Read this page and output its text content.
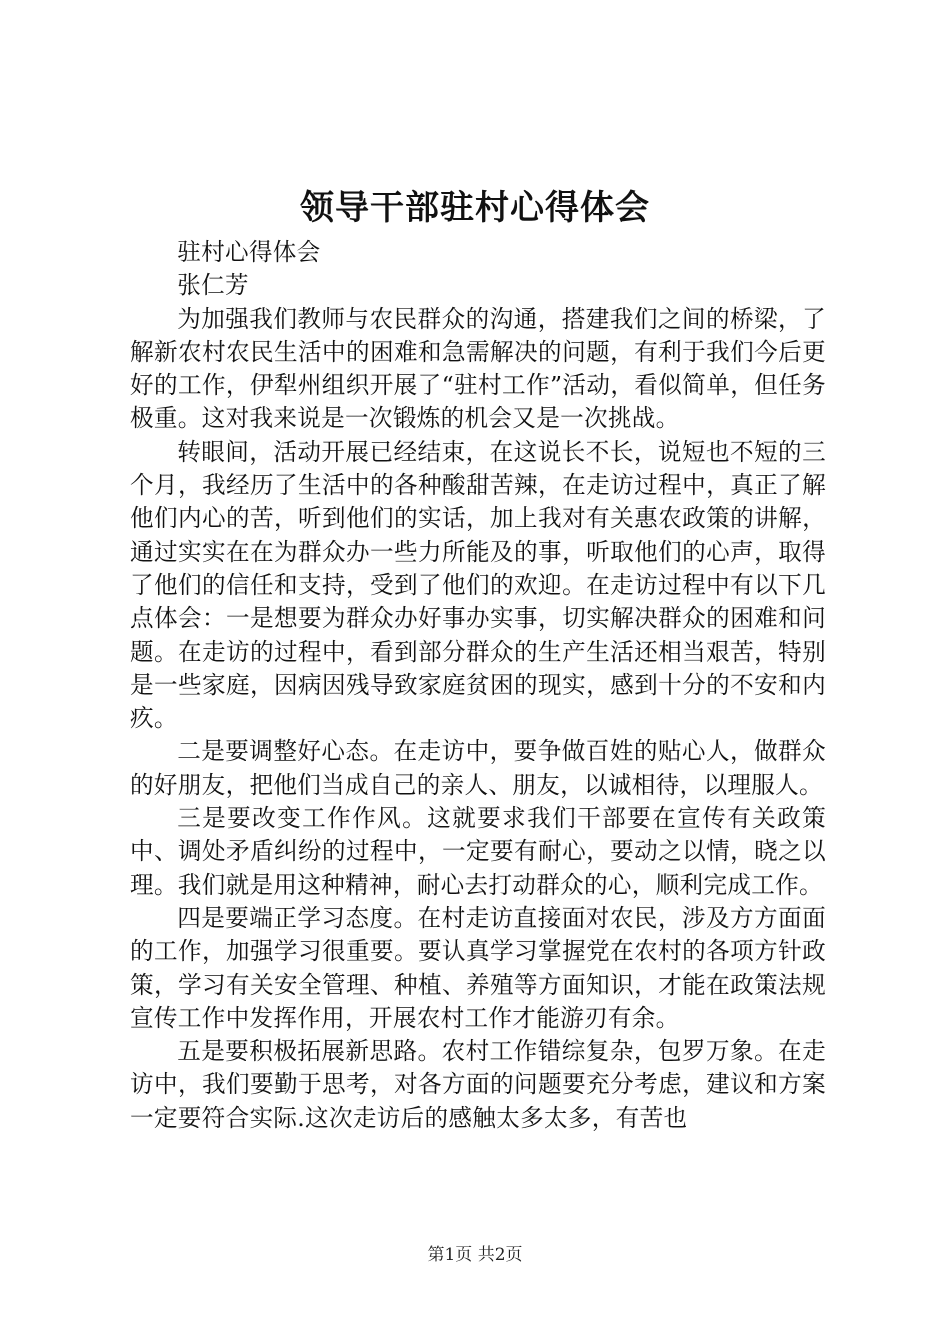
领导干部驻村心得体会

驻村心得体会

张仁芳

为加强我们教师与农民群众的沟通，搭建我们之间的桥梁，了解新农村农民生活中的困难和急需解决的问题，有利于我们今后更好的工作，伊犁州组织开展了“驻村工作”活动，看似简单，但任务极重。这对我来说是一次锻炼的机会又是一次挑战。

转眼间，活动开展已经结束，在这说长不长，说短也不短的三个月，我经历了生活中的各种酸甜苦辣，在走访过程中，真正了解他们内心的苦，听到他们的实话，加上我对有关惠农政策的讲解，通过实实在在为群众办一些力所能及的事，听取他们的心声，取得了他们的信任和支持，受到了他们的欢迎。在走访过程中有以下几点体会：一是想要为群众办好事办实事，切实解决群众的困难和问题。在走访的过程中，看到部分群众的生产生活还相当艰苦，特别是一些家庭，因病因残导致家庭贫困的现实，感到十分的不安和内疚。

二是要调整好心态。在走访中，要争做百姓的贴心人，做群众的好朋友，把他们当成自己的亲人、朋友，以诚相待，以理服人。

三是要改变工作作风。这就要求我们干部要在宣传有关政策中、调处矛盾纠纷的过程中，一定要有耐心，要动之以情，晓之以理。我们就是用这种精神，耐心去打动群众的心，顺利完成工作。

四是要端正学习态度。在村走访直接面对农民，涉及方方面面的工作，加强学习很重要。要认真学习掌握党在农村的各项方针政策，学习有关安全管理、种植、养殖等方面知识，才能在政策法规宣传工作中发挥作用，开展农村工作才能游刃有余。

五是要积极拓展新思路。农村工作错综复杂，包罗万象。在走访中，我们要勤于思考，对各方面的问题要充分考虑，建议和方案一定要符合实际.这次走访后的感触太多太多，有苦也

第1页 共2页
